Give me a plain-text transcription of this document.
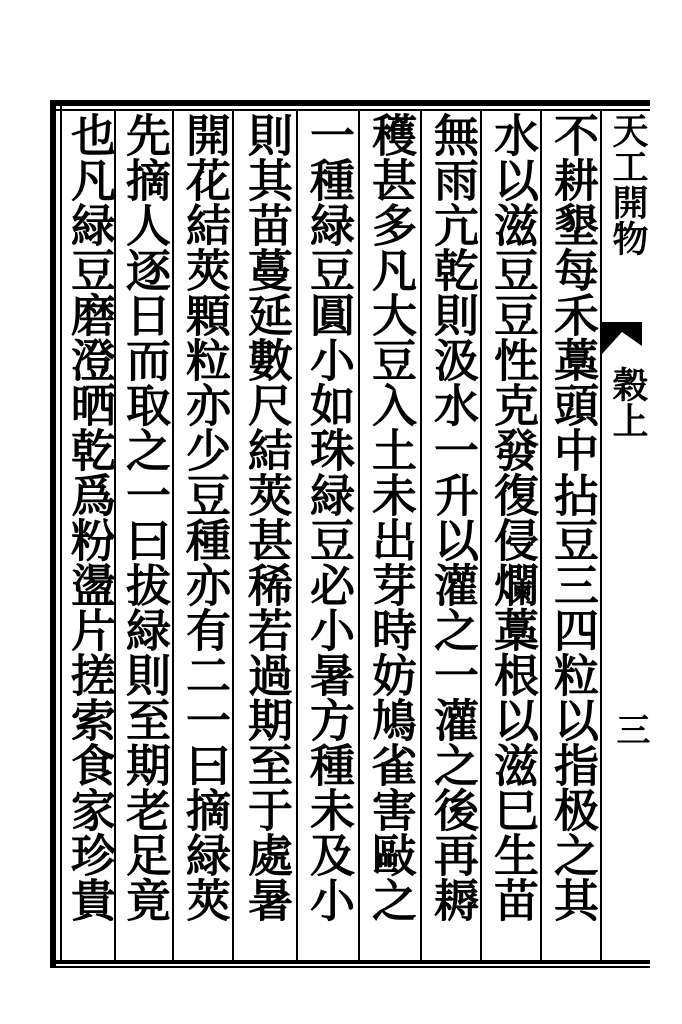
不耕墾每禾藁頭中拈豆三四粒以指极之其
水以滋豆豆性克發復侵爛藁根以滋巳生苗
無雨亢乾則汲水一升以灌之一灌之後再耨
穫甚多凡大豆入土未出芽時妨鳩雀害敺之
一種緑豆圓小如珠緑豆必小暑方種未及小
則其苗蔓延數尺結莢甚稀若過期至于處暑
開花結莢顆粒亦少豆種亦有二一曰摘緑莢
先摘人逐日而取之一曰拔緑則至期老足竟
也凡緑豆磨澄晒乾爲粉盪片搓索食家珍貴
天工開物
穀上
三
